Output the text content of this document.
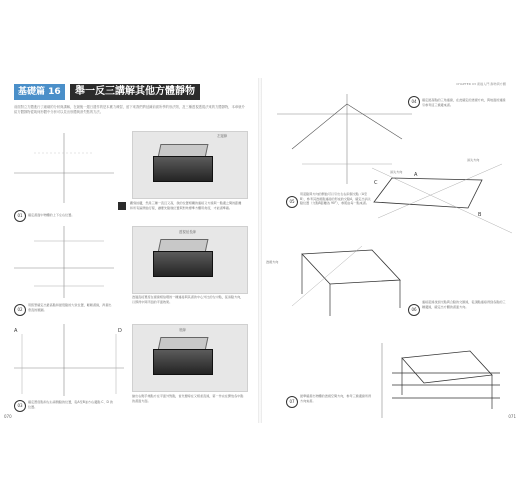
基礎篇 16	舉一反三講解其他方體靜物
前面對立方體進行了細緻的分析與講解，在最後一週日週作的是本應力練習，留下來我們將延續前面所學的形法則，及三種透視透視法來的方體靜物，本章就介紹方體靜物從幾何形體中分析可以見出形體與消失點的方法。
左邊線
觀察拍攝，然是三種一直且又高，我的位置相關的連接又方線與一點邊之間的距離和所有區開始行程，讓要先點進位置與對象標準方體用角度，才能畫準確。
01	確定畫面中物體的上下左右位置。
透視延長線
透過直接寬度在視線相信理的一種連接與其畫的中心外比的左中點，從消點方向，以即得中間平面的平面效果。
02
用鉛筆確定出最高點和最低點的大致位置，輕輕畫線，再畫出垂直的範圍。
A	D	底線
繪出右側手幾點方在平面外對點，首先要時在又相差直線，第一作完在開放各中點的畫面方面。
03
確定寬度點和左右兩側點的位置，從A至B並方右邊點 C、D 的位置。
070
CHAPTER 03 素描入門 靜物與方體
04	確定最高點的三角連線，在此確定的透視方向，與地面的連線引參考這三條邊來畫。
A
B
C
消失方向
消失方向
05
用起點與方向的開始可以引出左右兩個交點（A至B），參考其透視點連接的形成的交點A，確定出消失點位置（交點B距離為 90°），參照由每一點來畫。
透視方向
06
連接起線找到交點與合點的交匯線，從頂點連接得到各點的三種邊線，確定出方體的畫面方向。
07
最準確畫出物體的透視空間方向，參考三條邊線所得方向來畫。
071
